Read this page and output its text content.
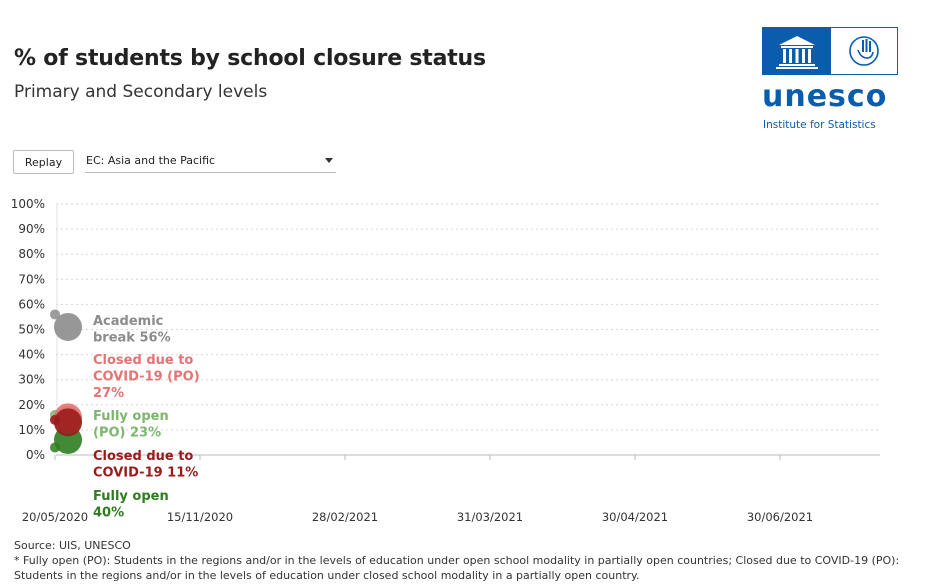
% of students by school closure status
Primary and Secondary levels	unesco
Institute for Statistics
Replay	EC: Asia and the Pacific
100%
90%
80%
70%
60%
50%
40%
30%
20%
10%
0%
20/05/2020	15/11/2020	28/02/2021	31/03/2021	30/04/2021	30/06/2021
Academic
break 56%
Closed due to
COVID-19 (PO)
27%
Fully open
(PO) 23%
Closed due to
COVID-19 11%
Fully open
40%
Source: UIS, UNESCO
* Fully open (PO): Students in the regions and/or in the levels of education under open school modality in partially open countries; Closed due to COVID-19 (PO): Students in the regions and/or in the levels of education under closed school modality in a partially open country.
